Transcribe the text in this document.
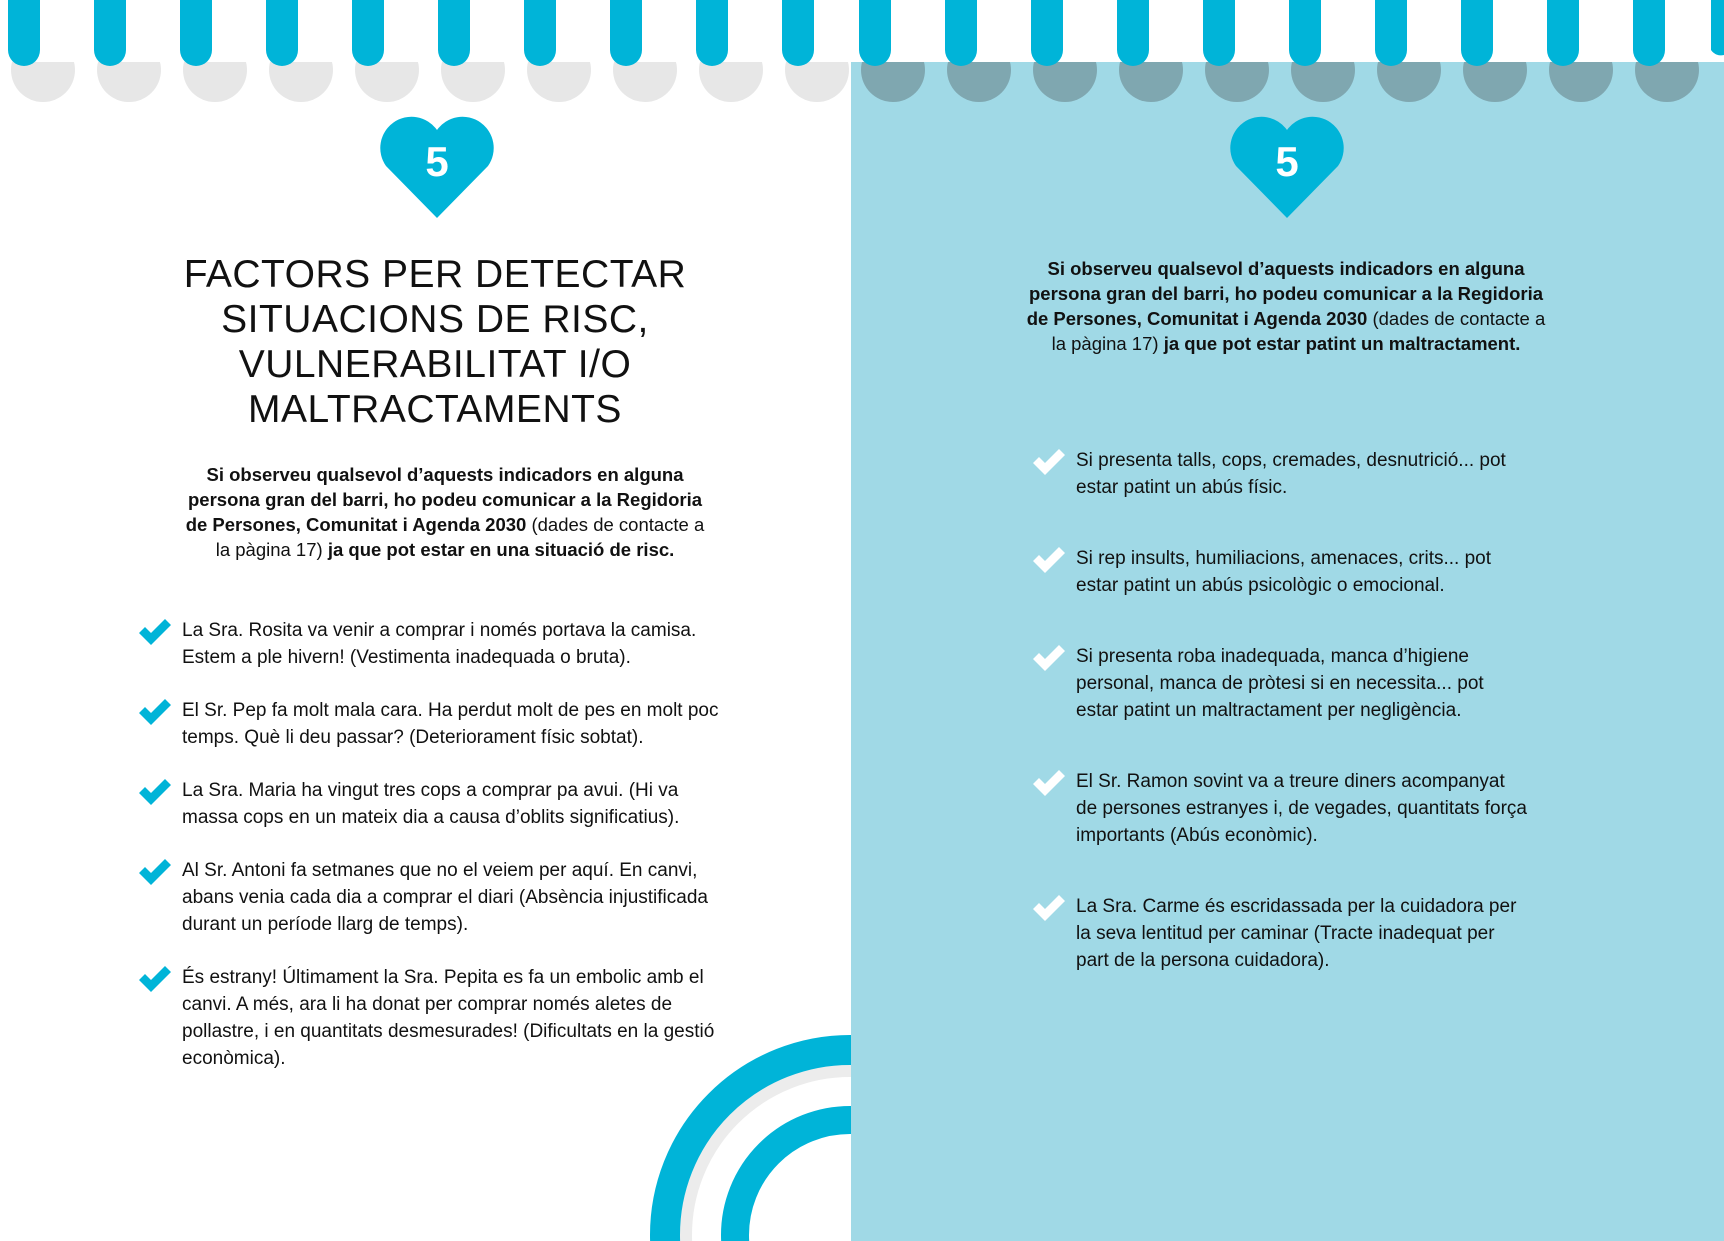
5
FACTORS PER DETECTAR
SITUACIONS DE RISC,
VULNERABILITAT I/O
MALTRACTAMENTS

Si observeu qualsevol d’aquests indicadors en alguna persona gran del barri, ho podeu comunicar a la Regidoria de Persones, Comunitat i Agenda 2030 (dades de contacte a la pàgina 17) ja que pot estar en una situació de risc.

La Sra. Rosita va venir a comprar i només portava la camisa. Estem a ple hivern! (Vestimenta inadequada o bruta).
El Sr. Pep fa molt mala cara. Ha perdut molt de pes en molt poc temps. Què li deu passar? (Deteriorament físic sobtat).
La Sra. Maria ha vingut tres cops a comprar pa avui. (Hi va massa cops en un mateix dia a causa d’oblits significatius).
Al Sr. Antoni fa setmanes que no el veiem per aquí. En canvi, abans venia cada dia a comprar el diari (Absència injustificada durant un període llarg de temps).
És estrany! Últimament la Sra. Pepita es fa un embolic amb el canvi. A més, ara li ha donat per comprar només aletes de pollastre, i en quantitats desmesurades! (Dificultats en la gestió econòmica).
5

Si observeu qualsevol d’aquests indicadors en alguna persona gran del barri, ho podeu comunicar a la Regidoria de Persones, Comunitat i Agenda 2030 (dades de contacte a la pàgina 17) ja que pot estar patint un maltractament.

Si presenta talls, cops, cremades, desnutrició... pot estar patint un abús físic.
Si rep insults, humiliacions, amenaces, crits... pot estar patint un abús psicològic o emocional.
Si presenta roba inadequada, manca d’higiene personal, manca de pròtesi si en necessita... pot estar patint un maltractament per negligència.
El Sr. Ramon sovint va a treure diners acompanyat de persones estranyes i, de vegades, quantitats força importants (Abús econòmic).
La Sra. Carme és escridassada per la cuidadora per la seva lentitud per caminar (Tracte inadequat per part de la persona cuidadora).
